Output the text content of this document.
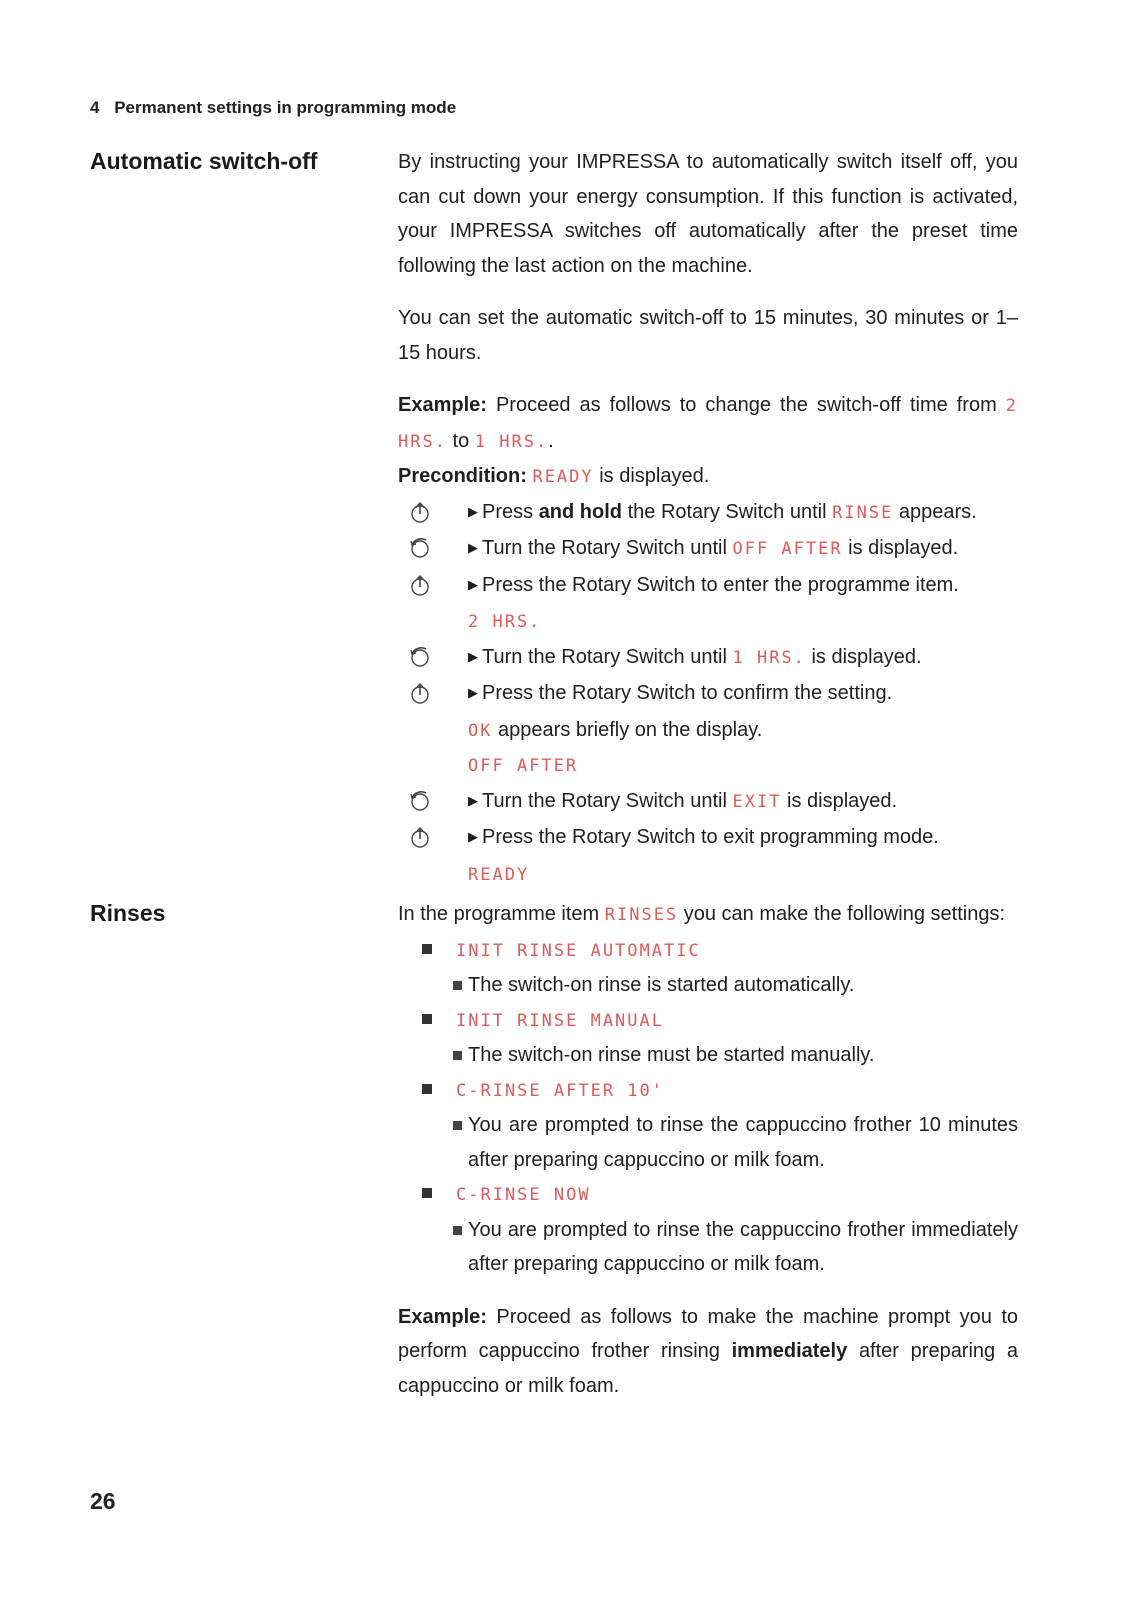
4 Permanent settings in programming mode
Automatic switch-off	By instructing your IMPRESSA to automatically switch itself off, you can cut down your energy consumption. If this function is activated, your IMPRESSA switches off automatically after the preset time following the last action on the machine.

You can set the automatic switch-off to 15 minutes, 30 minutes or 1–15 hours.

Example: Proceed as follows to change the switch-off time from 2 HRS. to 1 HRS..

Precondition: READY is displayed.

▶ Press and hold the Rotary Switch until RINSE appears.
▶ Turn the Rotary Switch until OFF AFTER is displayed.
▶ Press the Rotary Switch to enter the programme item.
2 HRS.
▶ Turn the Rotary Switch until 1 HRS. is displayed.
▶ Press the Rotary Switch to confirm the setting.
OK appears briefly on the display.
OFF AFTER
▶ Turn the Rotary Switch until EXIT is displayed.
▶ Press the Rotary Switch to exit programming mode.
READY
Rinses	In the programme item RINSES you can make the following settings:

INIT RINSE AUTOMATIC
The switch-on rinse is started automatically.
INIT RINSE MANUAL
The switch-on rinse must be started manually.
C-RINSE AFTER 10'
You are prompted to rinse the cappuccino frother 10 minutes after preparing cappuccino or milk foam.
C-RINSE NOW
You are prompted to rinse the cappuccino frother immediately after preparing cappuccino or milk foam.

Example: Proceed as follows to make the machine prompt you to perform cappuccino frother rinsing immediately after preparing a cappuccino or milk foam.

26
